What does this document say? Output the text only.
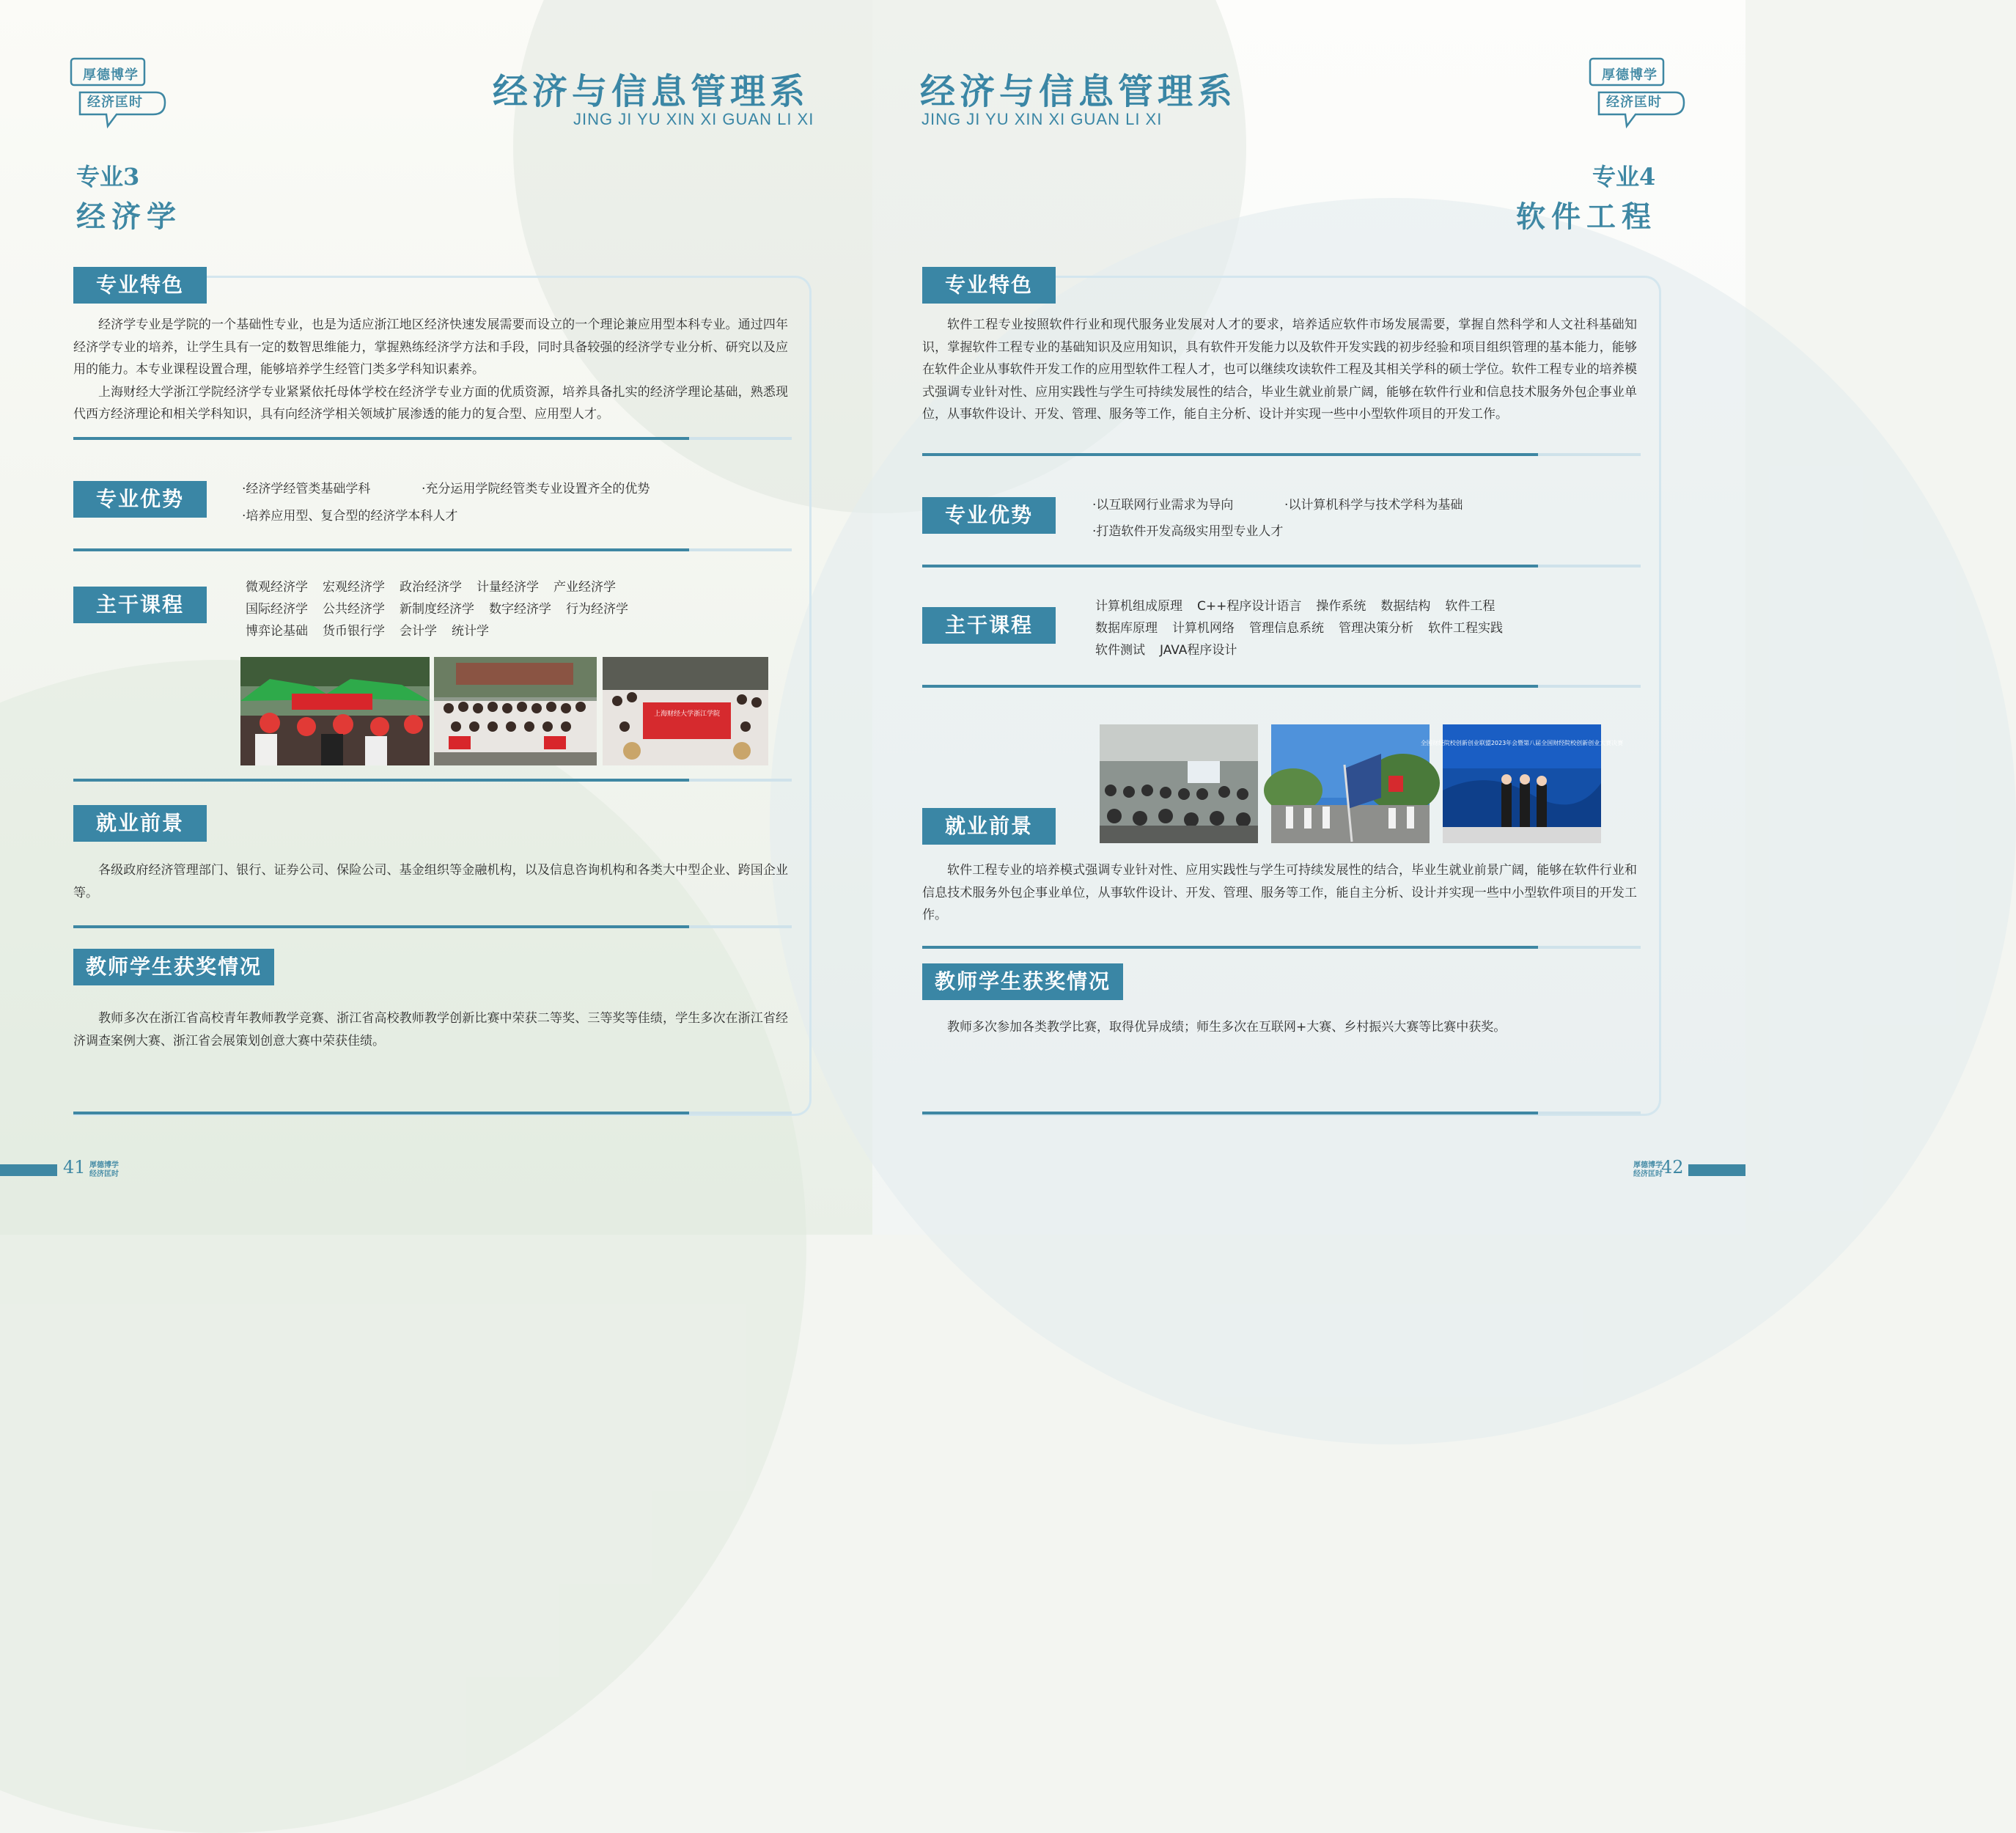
厚德博学
经济匡时	经济与信息管理系
JING JI YU XIN XI GUAN LI XI
专业3
经济学
专业特色

经济学专业是学院的一个基础性专业，也是为适应浙江地区经济快速发展需要而设立的一个理论兼应用型本科专业。通过四年经济学专业的培养，让学生具有一定的数智思维能力，掌握熟练经济学方法和手段，同时具备较强的经济学专业分析、研究以及应用的能力。本专业课程设置合理，能够培养学生经管门类多学科知识素养。

上海财经大学浙江学院经济学专业紧紧依托母体学校在经济学专业方面的优质资源，培养具备扎实的经济学理论基础，熟悉现代西方经济理论和相关学科知识，具有向经济学相关领域扩展渗透的能力的复合型、应用型人才。

专业优势	·经济学经管类基础学科	·充分运用学院经管类专业设置齐全的优势
·培养应用型、复合型的经济学本科人才
主干课程
微观经济学 宏观经济学 政治经济学 计量经济学 产业经济学
国际经济学 公共经济学 新制度经济学 数字经济学 行为经济学
博弈论基础 货币银行学 会计学 统计学
上海财经大学浙江学院
就业前景

各级政府经济管理部门、银行、证券公司、保险公司、基金组织等金融机构，以及信息咨询机构和各类大中型企业、跨国企业等。

教师学生获奖情况

教师多次在浙江省高校青年教师教学竞赛、浙江省高校教师教学创新比赛中荣获二等奖、三等奖等佳绩，学生多次在浙江省经济调查案例大赛、浙江省会展策划创意大赛中荣获佳绩。

41 厚德博学
经济匡时
厚德博学
经济匡时
经济与信息管理系
JING JI YU XIN XI GUAN LI XI
专业4
软件工程
专业特色

软件工程专业按照软件行业和现代服务业发展对人才的要求，培养适应软件市场发展需要，掌握自然科学和人文社科基础知识，掌握软件工程专业的基础知识及应用知识，具有软件开发能力以及软件开发实践的初步经验和项目组织管理的基本能力，能够在软件企业从事软件开发工作的应用型软件工程人才，也可以继续攻读软件工程及其相关学科的硕士学位。软件工程专业的培养模式强调专业针对性、应用实践性与学生可持续发展性的结合，毕业生就业前景广阔，能够在软件行业和信息技术服务外包企事业单位，从事软件设计、开发、管理、服务等工作，能自主分析、设计并实现一些中小型软件项目的开发工作。

专业优势	·以互联网行业需求为导向	·以计算机科学与技术学科为基础
·打造软件开发高级实用型专业人才
主干课程
计算机组成原理 C++程序设计语言 操作系统 数据结构 软件工程
数据库原理 计算机网络 管理信息系统 管理决策分析 软件工程实践
软件测试 JAVA程序设计
全国财经院校创新创业联盟2023年会暨第八届全国财经院校创新创业大赛决赛
就业前景

软件工程专业的培养模式强调专业针对性、应用实践性与学生可持续发展性的结合，毕业生就业前景广阔，能够在软件行业和信息技术服务外包企事业单位，从事软件设计、开发、管理、服务等工作，能自主分析、设计并实现一些中小型软件项目的开发工作。

教师学生获奖情况

教师多次参加各类教学比赛，取得优异成绩；师生多次在互联网+大赛、乡村振兴大赛等比赛中获奖。

42
厚德博学
经济匡时
